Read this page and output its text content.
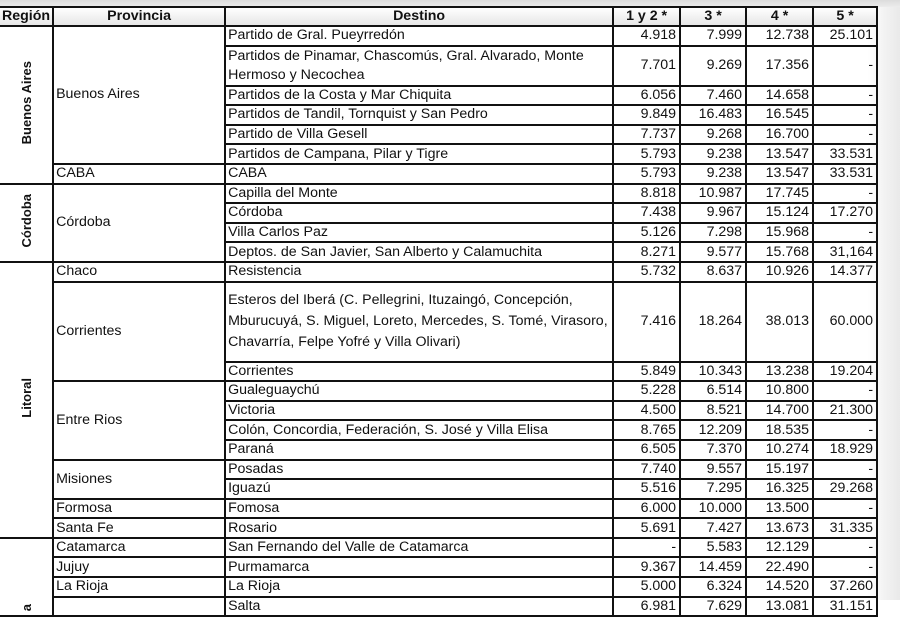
Región	Provincia	Destino	1 y 2 *	3 *	4 *	5 *
Buenos Aires	Buenos Aires	Partido de Gral. Pueyrredón	4.918	7.999	12.738	25.101
		Partidos de Pinamar, Chascomús, Gral. Alvarado, Monte Hermoso y Necochea	7.701	9.269	17.356	-
		Partidos de la Costa y Mar Chiquita	6.056	7.460	14.658	-
		Partidos de Tandil, Tornquist y San Pedro	9.849	16.483	16.545	-
		Partido de Villa Gesell	7.737	9.268	16.700	-
		Partidos de Campana, Pilar y Tigre	5.793	9.238	13.547	33.531
	CABA	CABA	5.793	9.238	13.547	33.531
Córdoba	Córdoba	Capilla del Monte	8.818	10.987	17.745	-
		Córdoba	7.438	9.967	15.124	17.270
		Villa Carlos Paz	5.126	7.298	15.968	-
		Deptos. de San Javier, San Alberto y Calamuchita	8.271	9.577	15.768	31,164
Litoral	Chaco	Resistencia	5.732	8.637	10.926	14.377
	Corrientes	Esteros del Iberá (C. Pellegrini, Ituzaingó, Concepción, Mburucuyá, S. Miguel, Loreto, Mercedes, S. Tomé, Virasoro, Chavarría, Felpe Yofré y Villa Olivari)	7.416	18.264	38.013	60.000
		Corrientes	5.849	10.343	13.238	19.204
	Entre Rios	Gualeguaychú	5.228	6.514	10.800	-
		Victoria	4.500	8.521	14.700	21.300
		Colón, Concordia, Federación, S. José y Villa Elisa	8.765	12.209	18.535	-
		Paraná	6.505	7.370	10.274	18.929
	Misiones	Posadas	7.740	9.557	15.197	-
		Iguazú	5.516	7.295	16.325	29.268
	Formosa	Fomosa	6.000	10.000	13.500	-
	Santa Fe	Rosario	5.691	7.427	13.673	31.335
a	Catamarca	San Fernando del Valle de Catamarca	-	5.583	12.129	-
	Jujuy	Purmamarca	9.367	14.459	22.490	-
	La Rioja	La Rioja	5.000	6.324	14.520	37.260
		Salta	6.981	7.629	13.081	31.151
